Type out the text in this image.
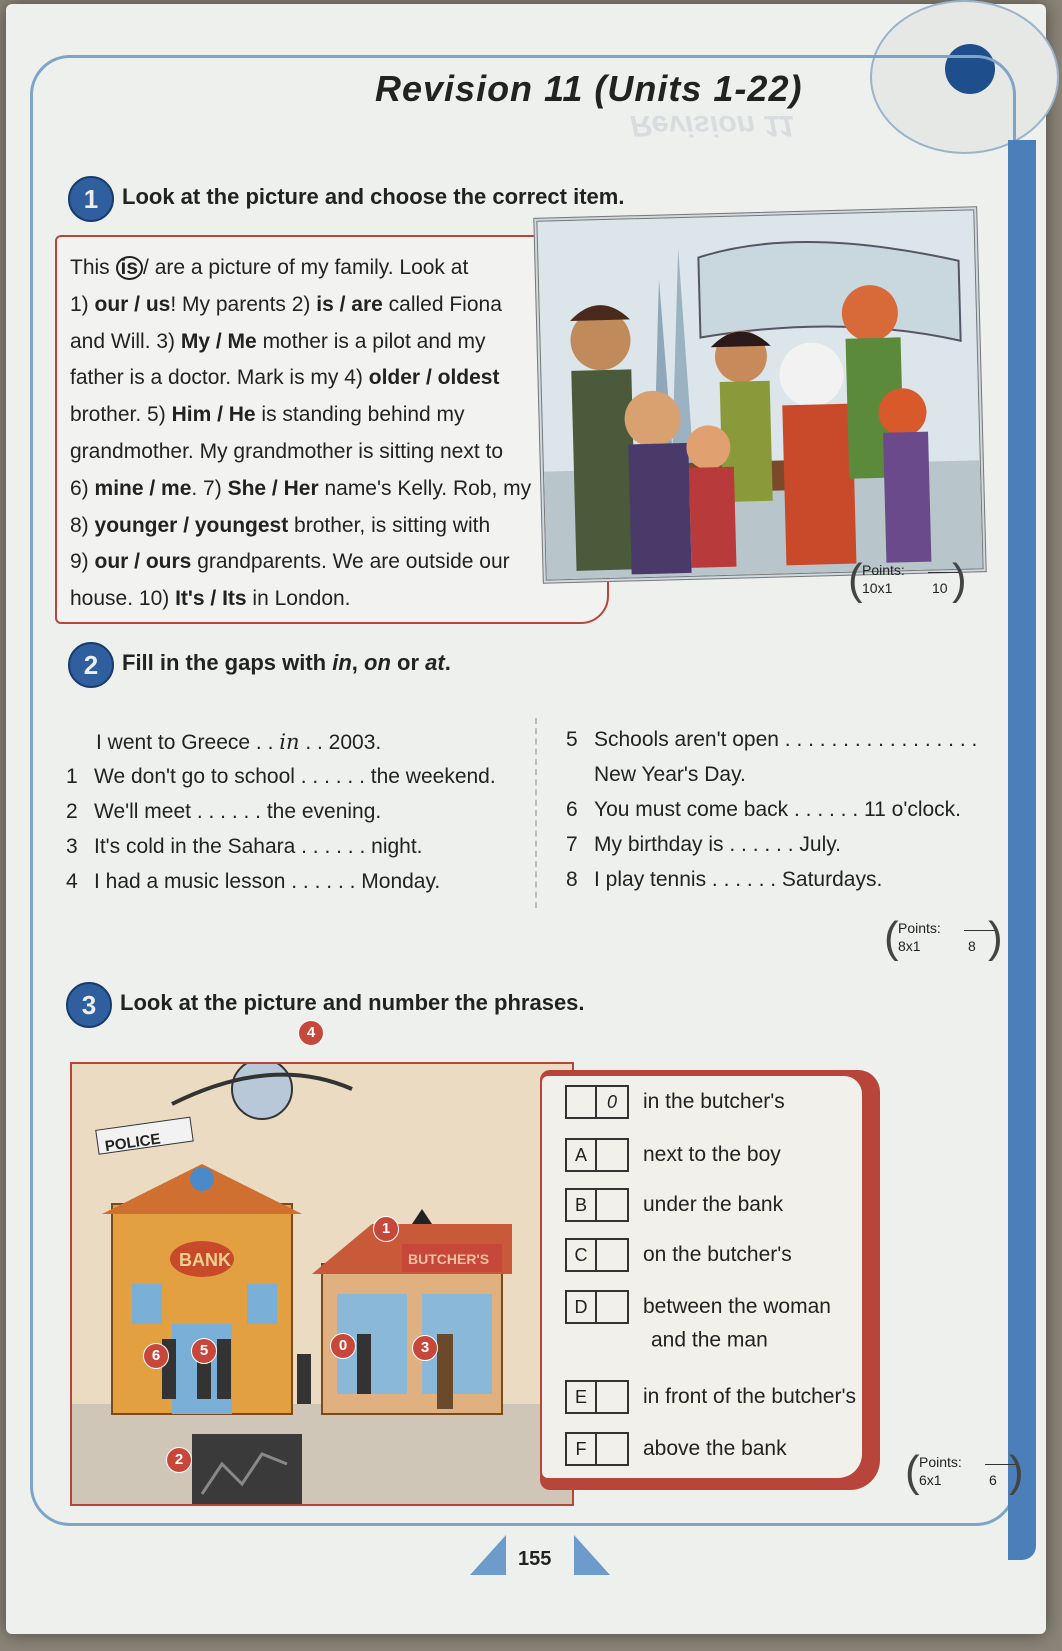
Revision 11
Revision 11 (Units 1-22)
1	Look at the picture and choose the correct item.
This is / are a picture of my family. Look at
1) our / us! My parents 2) is / are called Fiona
and Will. 3) My / Me mother is a pilot and my
father is a doctor. Mark is my 4) older / oldest
brother. 5) Him / He is standing behind my
grandmother. My grandmother is sitting next to
6) mine / me. 7) She / Her name's Kelly. Rob, my
8) younger / youngest brother, is sitting with
9) our / ours grandparents. We are outside our
house. 10) It's / Its in London.	( Points:
10x1	10 )
2	Fill in the gaps with in, on or at.
I went to Greece . . in . . 2003.
1 We don't go to school . . . . . . the weekend.
2 We'll meet . . . . . . the evening.
3 It's cold in the Sahara . . . . . . night.
4 I had a music lesson . . . . . . Monday.
5 Schools aren't open . . . . . . . . . . . . . . . . .
New Year's Day.
6 You must come back . . . . . . 11 o'clock.
7 My birthday is . . . . . . July.
8 I play tennis . . . . . . Saturdays.
( Points:
8x1	8 )
3	Look at the picture and number the phrases.
BANK	BUTCHER'S
POLICE
4
1
6	5	0	3
2
0 in the butcher's
A	next to the boy
B	under the bank
C	on the butcher's
D	between the woman
and the man
E	in front of the butcher's
F	above the bank	( Points:
6x1	6 )
155
